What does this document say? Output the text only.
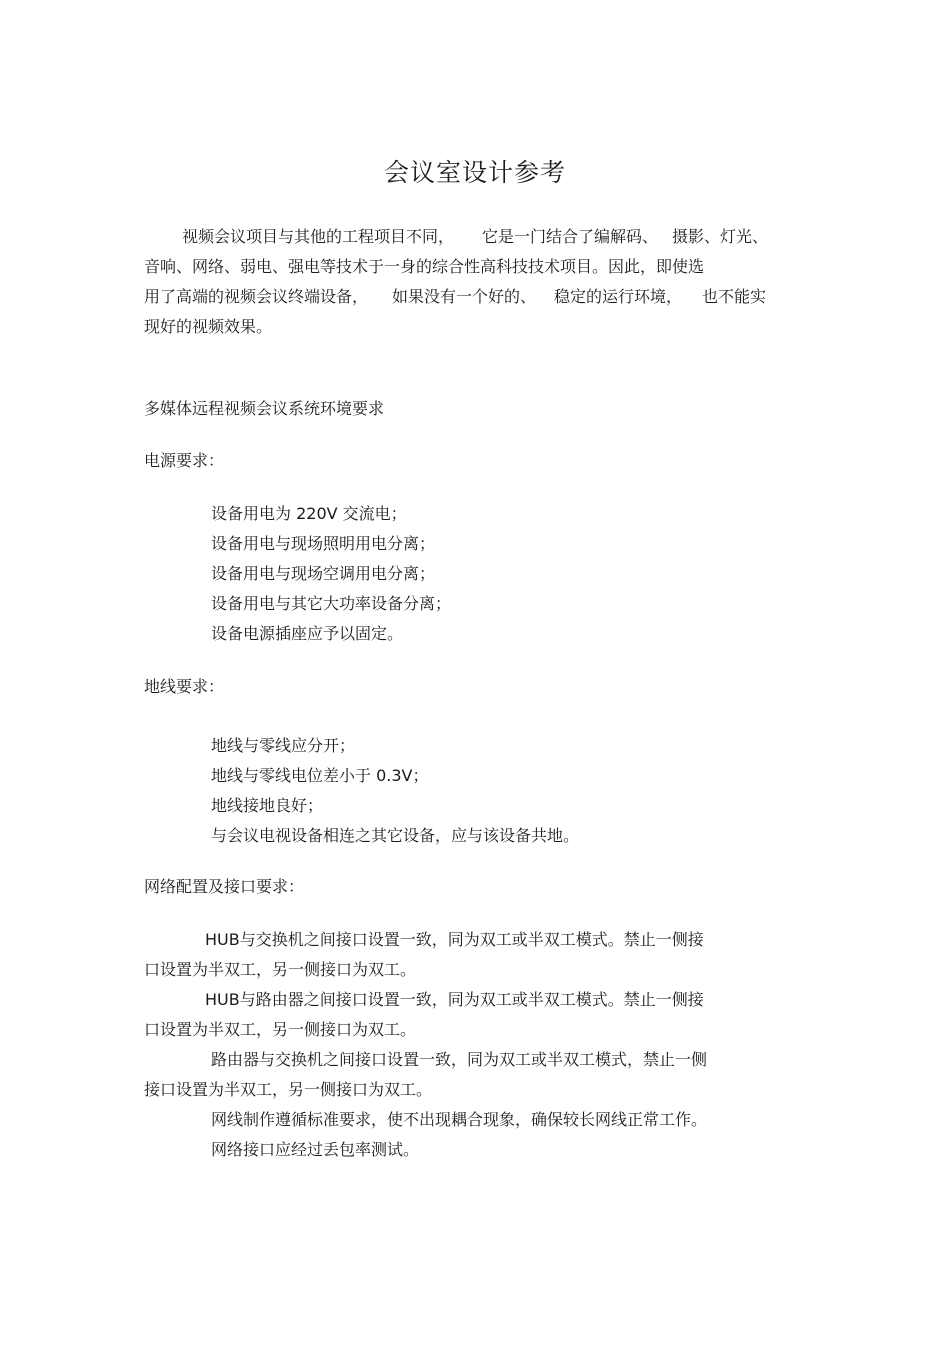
会议室设计参考
视频会议项目与其他的工程项目不同， 它是一门结合了编解码、 摄影、灯光、
音响、网络、弱电、强电等技术于一身的综合性高科技技术项目。因此，即使选
用了高端的视频会议终端设备， 如果没有一个好的、 稳定的运行环境， 也不能实
现好的视频效果。
多媒体远程视频会议系统环境要求
电源要求：
设备用电为 220V 交流电；
设备用电与现场照明用电分离；
设备用电与现场空调用电分离；
设备用电与其它大功率设备分离；
设备电源插座应予以固定。
地线要求：
地线与零线应分开；
地线与零线电位差小于 0.3V；
地线接地良好；
与会议电视设备相连之其它设备，应与该设备共地。
网络配置及接口要求：
HUB与交换机之间接口设置一致，同为双工或半双工模式。禁止一侧接
口设置为半双工，另一侧接口为双工。
HUB与路由器之间接口设置一致，同为双工或半双工模式。禁止一侧接
口设置为半双工，另一侧接口为双工。
路由器与交换机之间接口设置一致，同为双工或半双工模式，禁止一侧
接口设置为半双工，另一侧接口为双工。
网线制作遵循标准要求，使不出现耦合现象，确保较长网线正常工作。
网络接口应经过丢包率测试。
